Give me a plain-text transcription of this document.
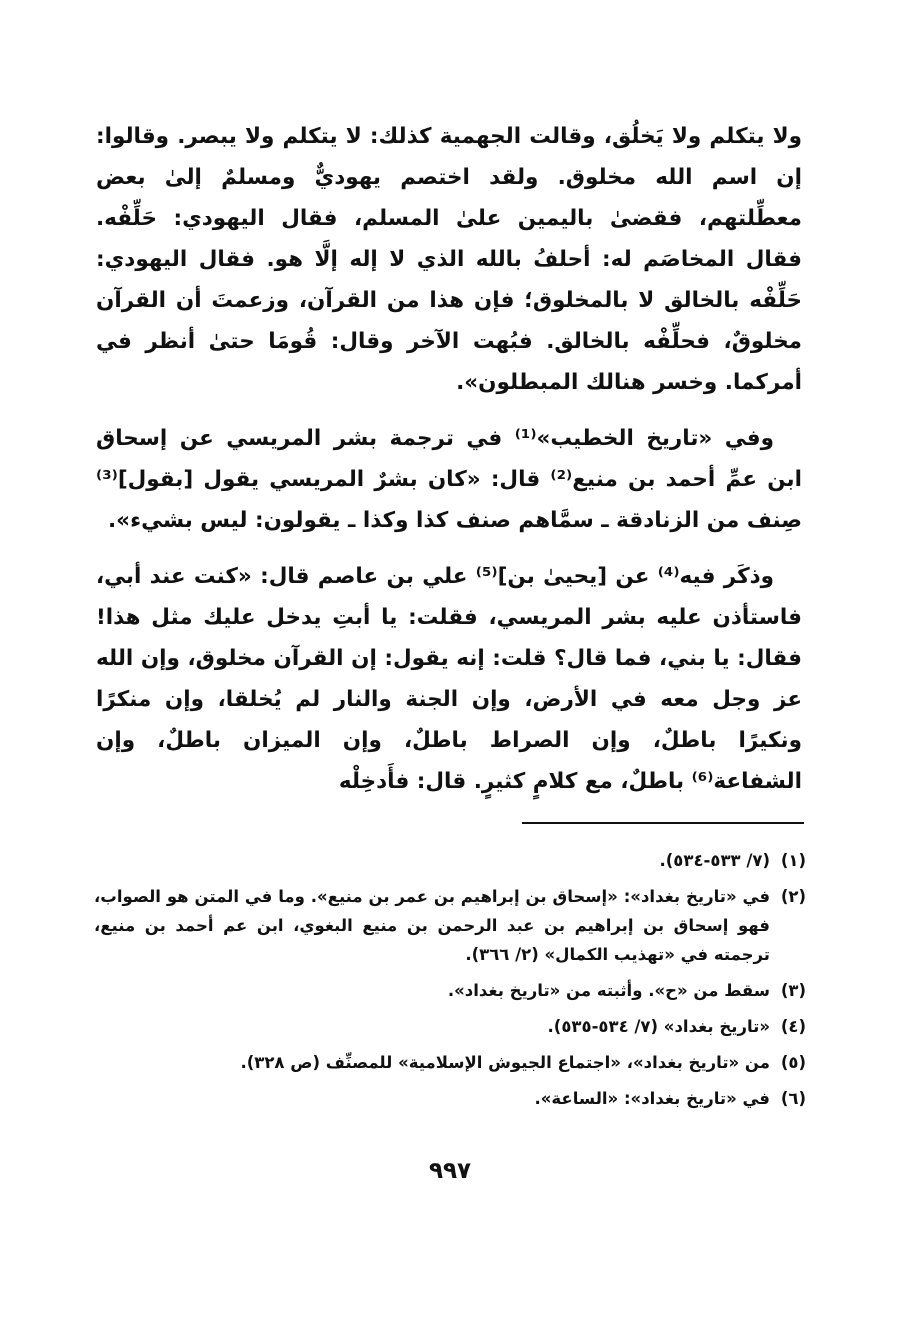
ولا يتكلم ولا يَخلُق، وقالت الجهمية كذلك: لا يتكلم ولا يبصر. وقالوا: إن اسم الله مخلوق. ولقد اختصم يهوديٌّ ومسلمٌ إلىٰ بعض معطِّلتهم، فقضىٰ باليمين علىٰ المسلم، فقال اليهودي: حَلِّفْه. فقال المخاصَم له: أحلفُ بالله الذي لا إله إلَّا هو. فقال اليهودي: حَلِّفْه بالخالق لا بالمخلوق؛ فإن هذا من القرآن، وزعمتَ أن القرآن مخلوقٌ، فحلِّفْه بالخالق. فبُهت الآخر وقال: قُومَا حتىٰ أنظر في أمركما. وخسر هنالك المبطلون».

وفي «تاريخ الخطيب»⁽¹⁾ في ترجمة بشر المريسي عن إسحاق ابن عمِّ أحمد بن منيع⁽²⁾ قال: «كان بشرٌ المريسي يقول [بقول]⁽³⁾ صِنف من الزنادقة ـ سمَّاهم صنف كذا وكذا ـ يقولون: ليس بشيء».

وذكَر فيه⁽⁴⁾ عن [يحيىٰ بن]⁽⁵⁾ علي بن عاصم قال: «كنت عند أبي، فاستأذن عليه بشر المريسي، فقلت: يا أبتِ يدخل عليك مثل هذا! فقال: يا بني، فما قال؟ قلت: إنه يقول: إن القرآن مخلوق، وإن الله عز وجل معه في الأرض، وإن الجنة والنار لم يُخلقا، وإن منكرًا ونكيرًا باطلٌ، وإن الصراط باطلٌ، وإن الميزان باطلٌ، وإن الشفاعة⁽⁶⁾ باطلٌ، مع كلامٍ كثيرٍ. قال: فأَدخِلْه

(١)
(٧/ ٥٣٣-٥٣٤).
(٢)
في «تاريخ بغداد»: «إسحاق بن إبراهيم بن عمر بن منيع». وما في المتن هو الصواب، فهو إسحاق بن إبراهيم بن عبد الرحمن بن منيع البغوي، ابن عم أحمد بن منيع، ترجمته في «تهذيب الكمال» (٢/ ٣٦٦).
(٣)
سقط من «ح». وأثبته من «تاريخ بغداد».
(٤)
«تاريخ بغداد» (٧/ ٥٣٤-٥٣٥).
(٥)
من «تاريخ بغداد»، «اجتماع الجيوش الإسلامية» للمصنِّف (ص ٣٢٨).
(٦)
في «تاريخ بغداد»: «الساعة».
٩٩٧
